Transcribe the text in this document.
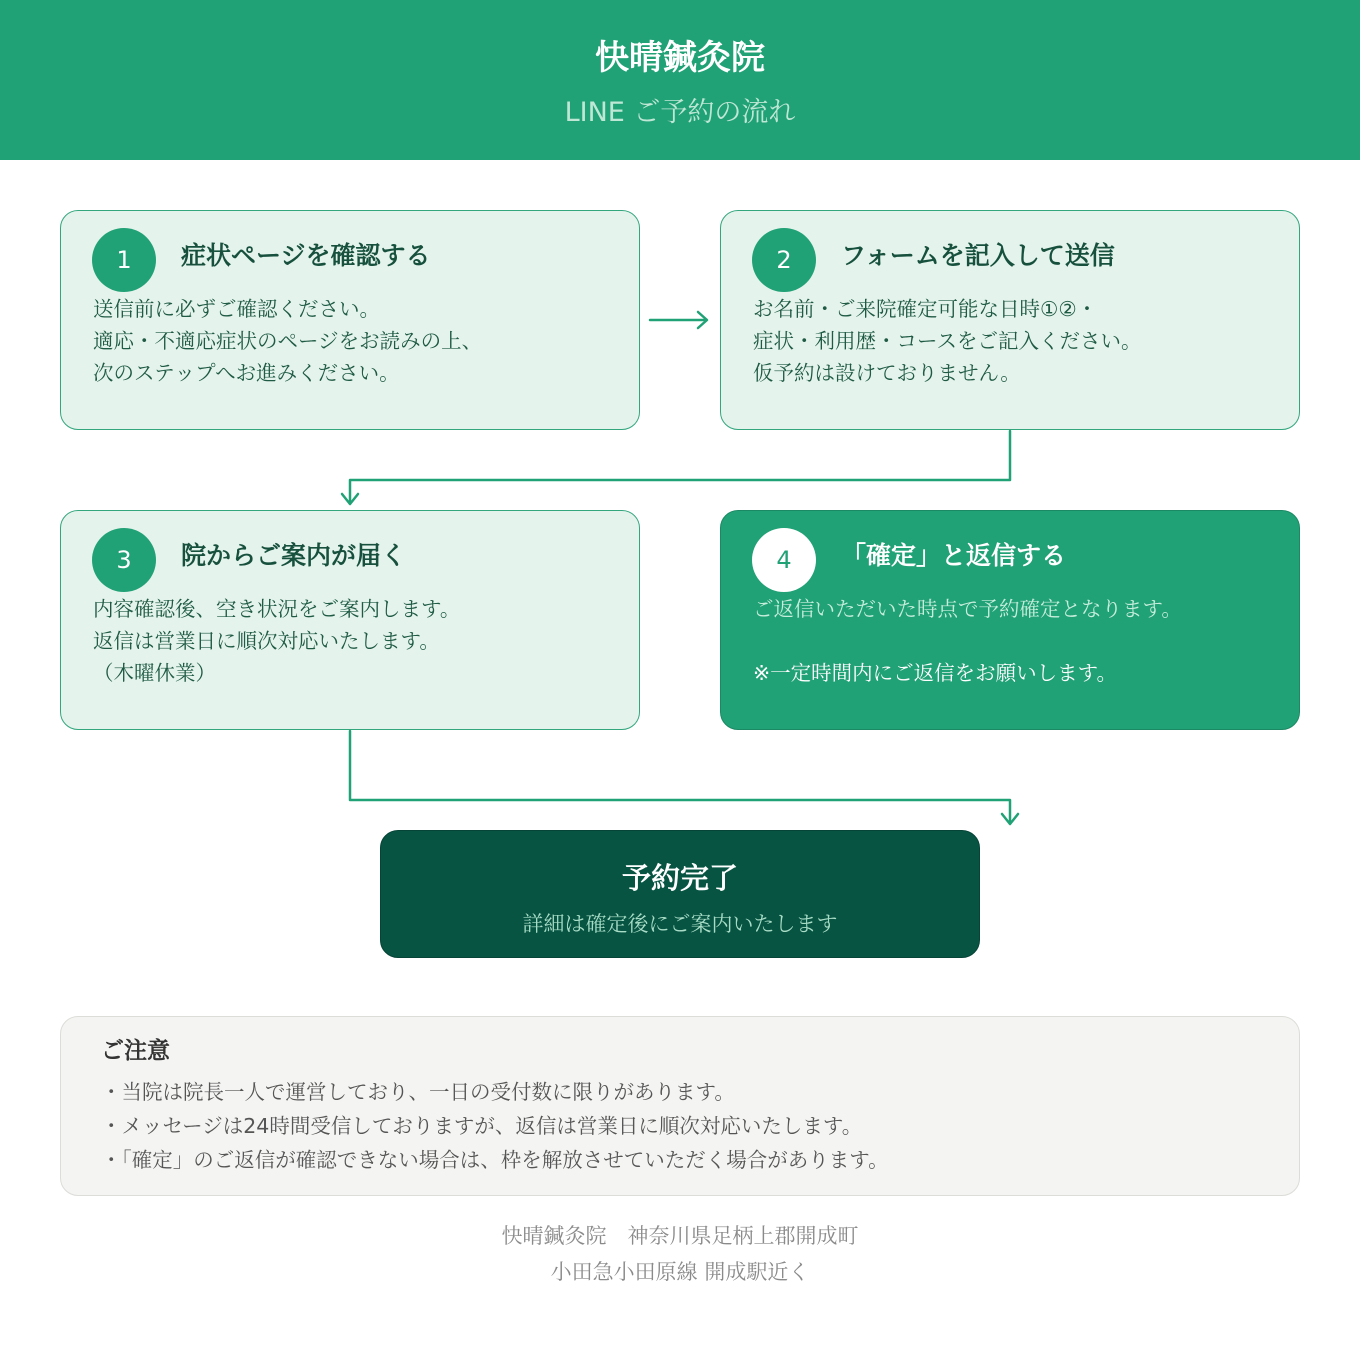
快晴鍼灸院
LINE ご予約の流れ
1	症状ページを確認する
送信前に必ずご確認ください。
適応・不適応症状のページをお読みの上、
次のステップへお進みください。
2	フォームを記入して送信
お名前・ご来院確定可能な日時①②・
症状・利用歴・コースをご記入ください。
仮予約は設けておりません。
3	院からご案内が届く
内容確認後、空き状況をご案内します。
返信は営業日に順次対応いたします。
（木曜休業）
4	「確定」と返信する
ご返信いただいた時点で予約確定となります。
※一定時間内にご返信をお願いします。
予約完了
詳細は確定後にご案内いたします
ご注意
・当院は院長一人で運営しており、一日の受付数に限りがあります。
・メッセージは24時間受信しておりますが、返信は営業日に順次対応いたします。
・「確定」のご返信が確認できない場合は、枠を解放させていただく場合があります。
快晴鍼灸院　神奈川県足柄上郡開成町
小田急小田原線 開成駅近く
